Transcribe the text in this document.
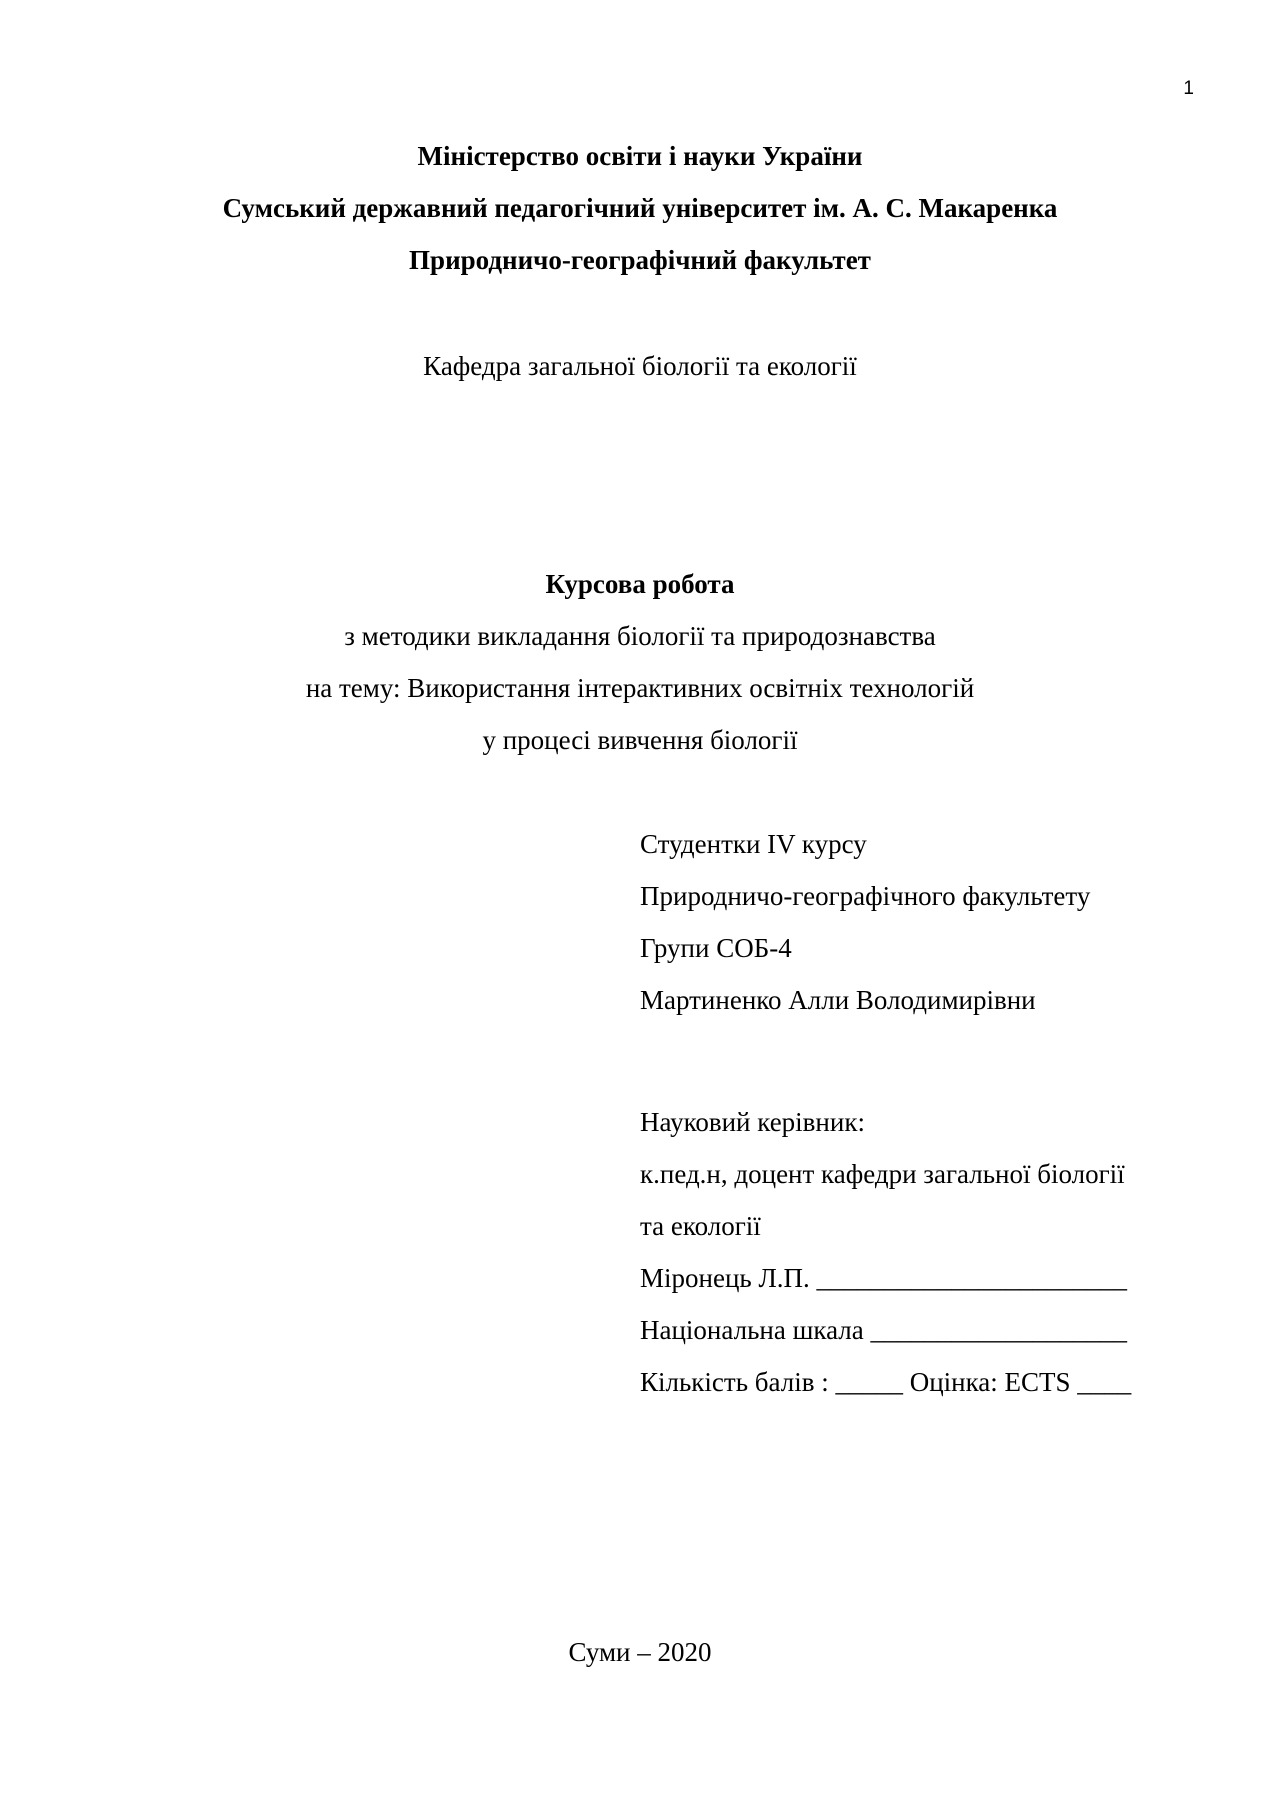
1
Міністерство освіти і науки України
Сумський державний педагогічний університет ім. А. С. Макаренка
Природничо-географічний факультет
Кафедра загальної біології та екології
Курсова робота
з методики викладання біології та природознавства
на тему: Використання інтерактивних освітніх технологій
у процесі вивчення біології
Студентки IV курсу
Природничо-географічного факультету
Групи СОБ-4
Мартиненко Алли Володимирівни
Науковий керівник:
к.пед.н, доцент кафедри загальної біології
та екології
Міронець Л.П. _______________________
Національна шкала ___________________
Кількість балів : _____ Оцінка: ECTS ____
Суми – 2020
